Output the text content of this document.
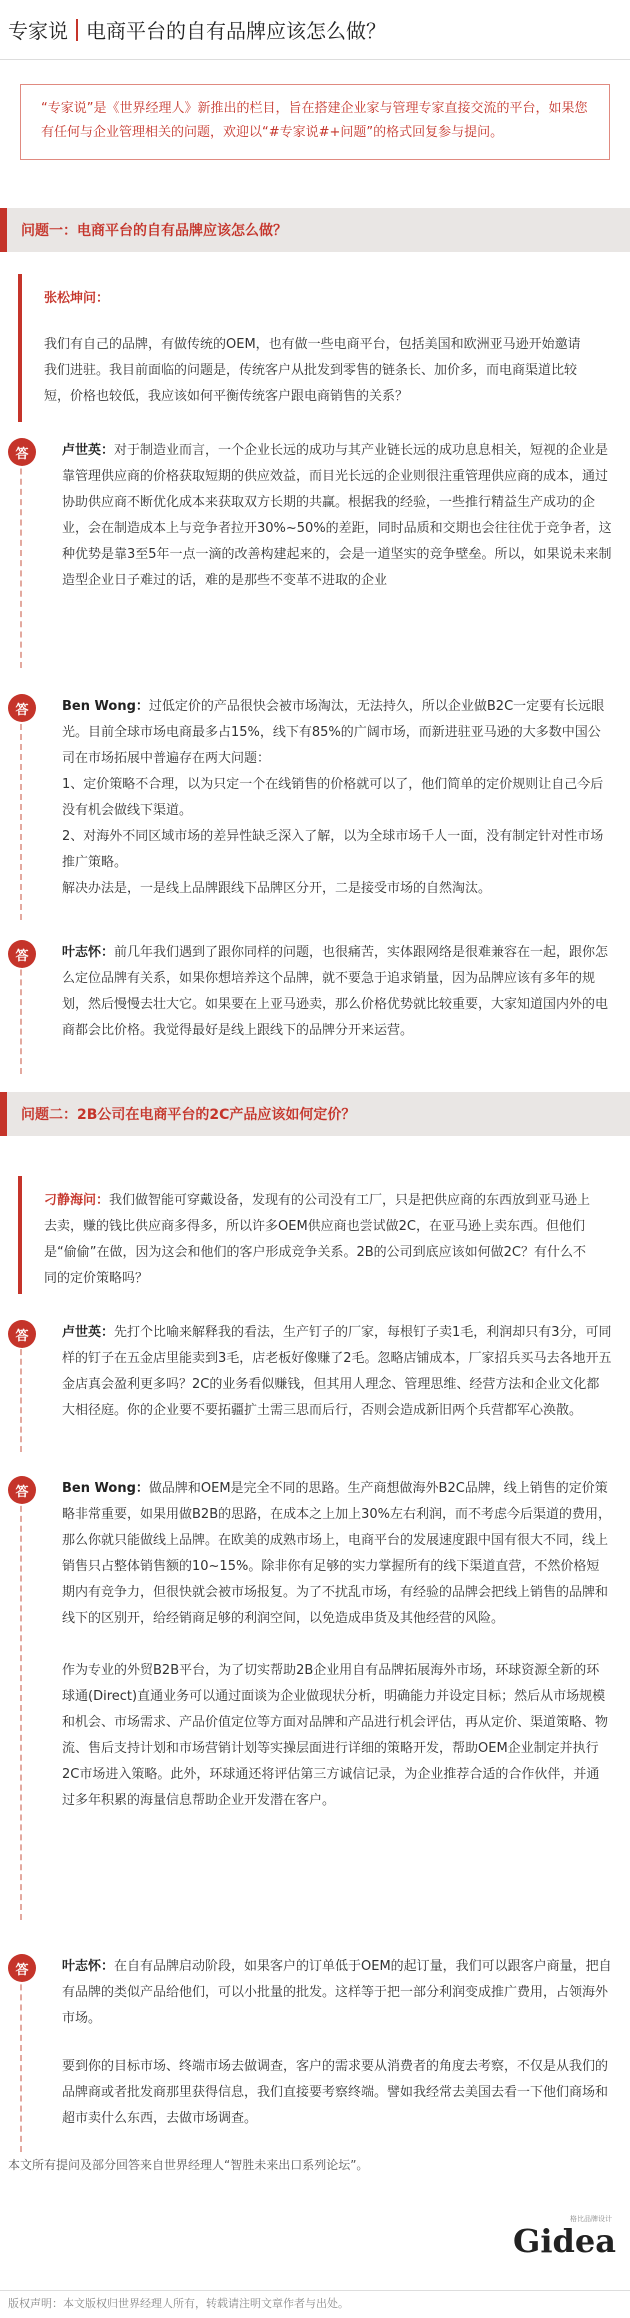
专家说 电商平台的自有品牌应该怎么做？
“专家说”是《世界经理人》新推出的栏目，旨在搭建企业家与管理专家直接交流的平台，如果您有任何与企业管理相关的问题，欢迎以“#专家说#+问题”的格式回复参与提问。
问题一：电商平台的自有品牌应该怎么做？
张松坤问：
我们有自己的品牌，有做传统的OEM，也有做一些电商平台，包括美国和欧洲亚马逊开始邀请我们进驻。我目前面临的问题是，传统客户从批发到零售的链条长、加价多，而电商渠道比较短，价格也较低，我应该如何平衡传统客户跟电商销售的关系？
答	卢世英：对于制造业而言，一个企业长远的成功与其产业链长远的成功息息相关，短视的企业是靠管理供应商的价格获取短期的供应效益，而目光长远的企业则很注重管理供应商的成本，通过协助供应商不断优化成本来获取双方长期的共赢。根据我的经验，一些推行精益生产成功的企业，会在制造成本上与竞争者拉开30%~50%的差距，同时品质和交期也会往往优于竞争者，这种优势是靠3至5年一点一滴的改善构建起来的，会是一道坚实的竞争壁垒。所以，如果说未来制造型企业日子难过的话，难的是那些不变革不进取的企业

答	Ben Wong：过低定价的产品很快会被市场淘汰，无法持久，所以企业做B2C一定要有长远眼光。目前全球市场电商最多占15%，线下有85%的广阔市场，而新进驻亚马逊的大多数中国公司在市场拓展中普遍存在两大问题：

1、定价策略不合理，以为只定一个在线销售的价格就可以了，他们简单的定价规则让自己今后没有机会做线下渠道。

2、对海外不同区域市场的差异性缺乏深入了解，以为全球市场千人一面，没有制定针对性市场推广策略。

解决办法是，一是线上品牌跟线下品牌区分开，二是接受市场的自然淘汰。

答	叶志怀：前几年我们遇到了跟你同样的问题，也很痛苦，实体跟网络是很难兼容在一起，跟你怎么定位品牌有关系，如果你想培养这个品牌，就不要急于追求销量，因为品牌应该有多年的规划，然后慢慢去壮大它。如果要在上亚马逊卖，那么价格优势就比较重要，大家知道国内外的电商都会比价格。我觉得最好是线上跟线下的品牌分开来运营。

问题二：2B公司在电商平台的2C产品应该如何定价？
刁静海问：我们做智能可穿戴设备，发现有的公司没有工厂，只是把供应商的东西放到亚马逊上去卖，赚的钱比供应商多得多，所以许多OEM供应商也尝试做2C，在亚马逊上卖东西。但他们是“偷偷”在做，因为这会和他们的客户形成竞争关系。2B的公司到底应该如何做2C？有什么不同的定价策略吗？
答	卢世英：先打个比喻来解释我的看法，生产钉子的厂家，每根钉子卖1毛，利润却只有3分，可同样的钉子在五金店里能卖到3毛，店老板好像赚了2毛。忽略店铺成本，厂家招兵买马去各地开五金店真会盈利更多吗？2C的业务看似赚钱，但其用人理念、管理思维、经营方法和企业文化都大相径庭。你的企业要不要拓疆扩土需三思而后行，否则会造成新旧两个兵营都军心涣散。

答	Ben Wong：做品牌和OEM是完全不同的思路。生产商想做海外B2C品牌，线上销售的定价策略非常重要，如果用做B2B的思路，在成本之上加上30%左右利润，而不考虑今后渠道的费用，那么你就只能做线上品牌。在欧美的成熟市场上，电商平台的发展速度跟中国有很大不同，线上销售只占整体销售额的10~15%。除非你有足够的实力掌握所有的线下渠道直营，不然价格短期内有竞争力，但很快就会被市场报复。为了不扰乱市场，有经验的品牌会把线上销售的品牌和线下的区别开，给经销商足够的利润空间，以免造成串货及其他经营的风险。

作为专业的外贸B2B平台，为了切实帮助2B企业用自有品牌拓展海外市场，环球资源全新的环球通(Direct)直通业务可以通过面谈为企业做现状分析，明确能力并设定目标；然后从市场规模和机会、市场需求、产品价值定位等方面对品牌和产品进行机会评估，再从定价、渠道策略、物流、售后支持计划和市场营销计划等实操层面进行详细的策略开发，帮助OEM企业制定并执行2C市场进入策略。此外，环球通还将评估第三方诚信记录，为企业推荐合适的合作伙伴，并通过多年积累的海量信息帮助企业开发潜在客户。

答	叶志怀：在自有品牌启动阶段，如果客户的订单低于OEM的起订量，我们可以跟客户商量，把自有品牌的类似产品给他们，可以小批量的批发。这样等于把一部分利润变成推广费用，占领海外市场。

要到你的目标市场、终端市场去做调查，客户的需求要从消费者的角度去考察，不仅是从我们的品牌商或者批发商那里获得信息，我们直接要考察终端。譬如我经常去美国去看一下他们商场和超市卖什么东西，去做市场调查。

本文所有提问及部分回答来自世界经理人“智胜未来出口系列论坛”。
Gidea
格比品牌设计
版权声明：本文版权归世界经理人所有，转载请注明文章作者与出处。
